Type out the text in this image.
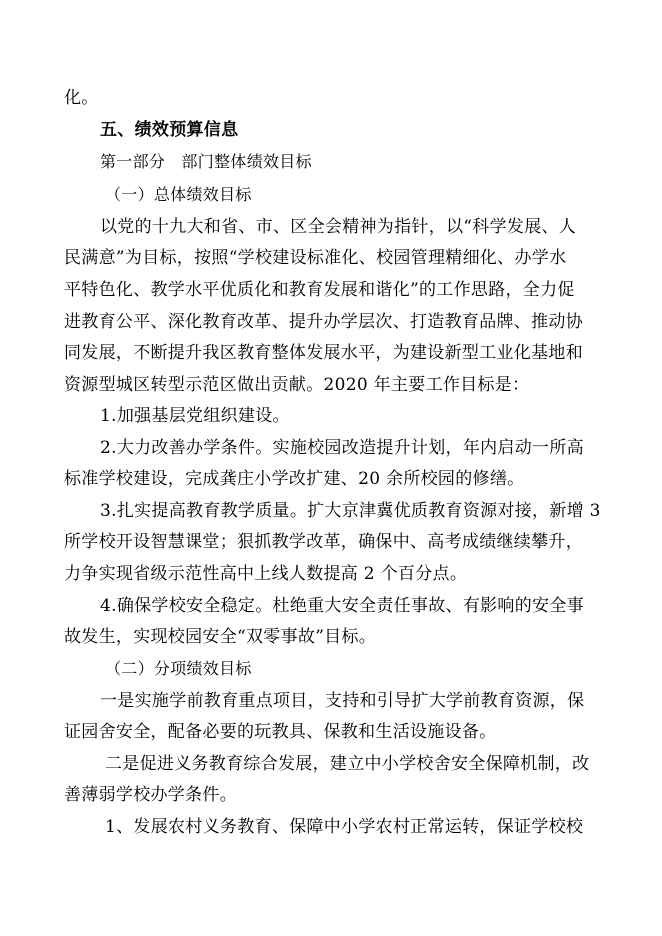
化。
五、绩效预算信息
第一部分　部门整体绩效目标
（一）总体绩效目标
以党的十九大和省、市、区全会精神为指针，以“科学发展、人
民满意”为目标，按照“学校建设标准化、校园管理精细化、办学水
平特色化、教学水平优质化和教育发展和谐化”的工作思路，全力促
进教育公平、深化教育改革、提升办学层次、打造教育品牌、推动协
同发展，不断提升我区教育整体发展水平，为建设新型工业化基地和
资源型城区转型示范区做出贡献。2020 年主要工作目标是：
1.加强基层党组织建设。
2.大力改善办学条件。实施校园改造提升计划，年内启动一所高
标准学校建设，完成龚庄小学改扩建、20 余所校园的修缮。
3.扎实提高教育教学质量。扩大京津冀优质教育资源对接，新增 3
所学校开设智慧课堂；狠抓教学改革，确保中、高考成绩继续攀升，
力争实现省级示范性高中上线人数提高 2 个百分点。
4.确保学校安全稳定。杜绝重大安全责任事故、有影响的安全事
故发生，实现校园安全“双零事故”目标。
（二）分项绩效目标
一是实施学前教育重点项目，支持和引导扩大学前教育资源，保
证园舍安全，配备必要的玩教具、保教和生活设施设备。
二是促进义务教育综合发展，建立中小学校舍安全保障机制，改
善薄弱学校办学条件。
1、发展农村义务教育、保障中小学农村正常运转，保证学校校
